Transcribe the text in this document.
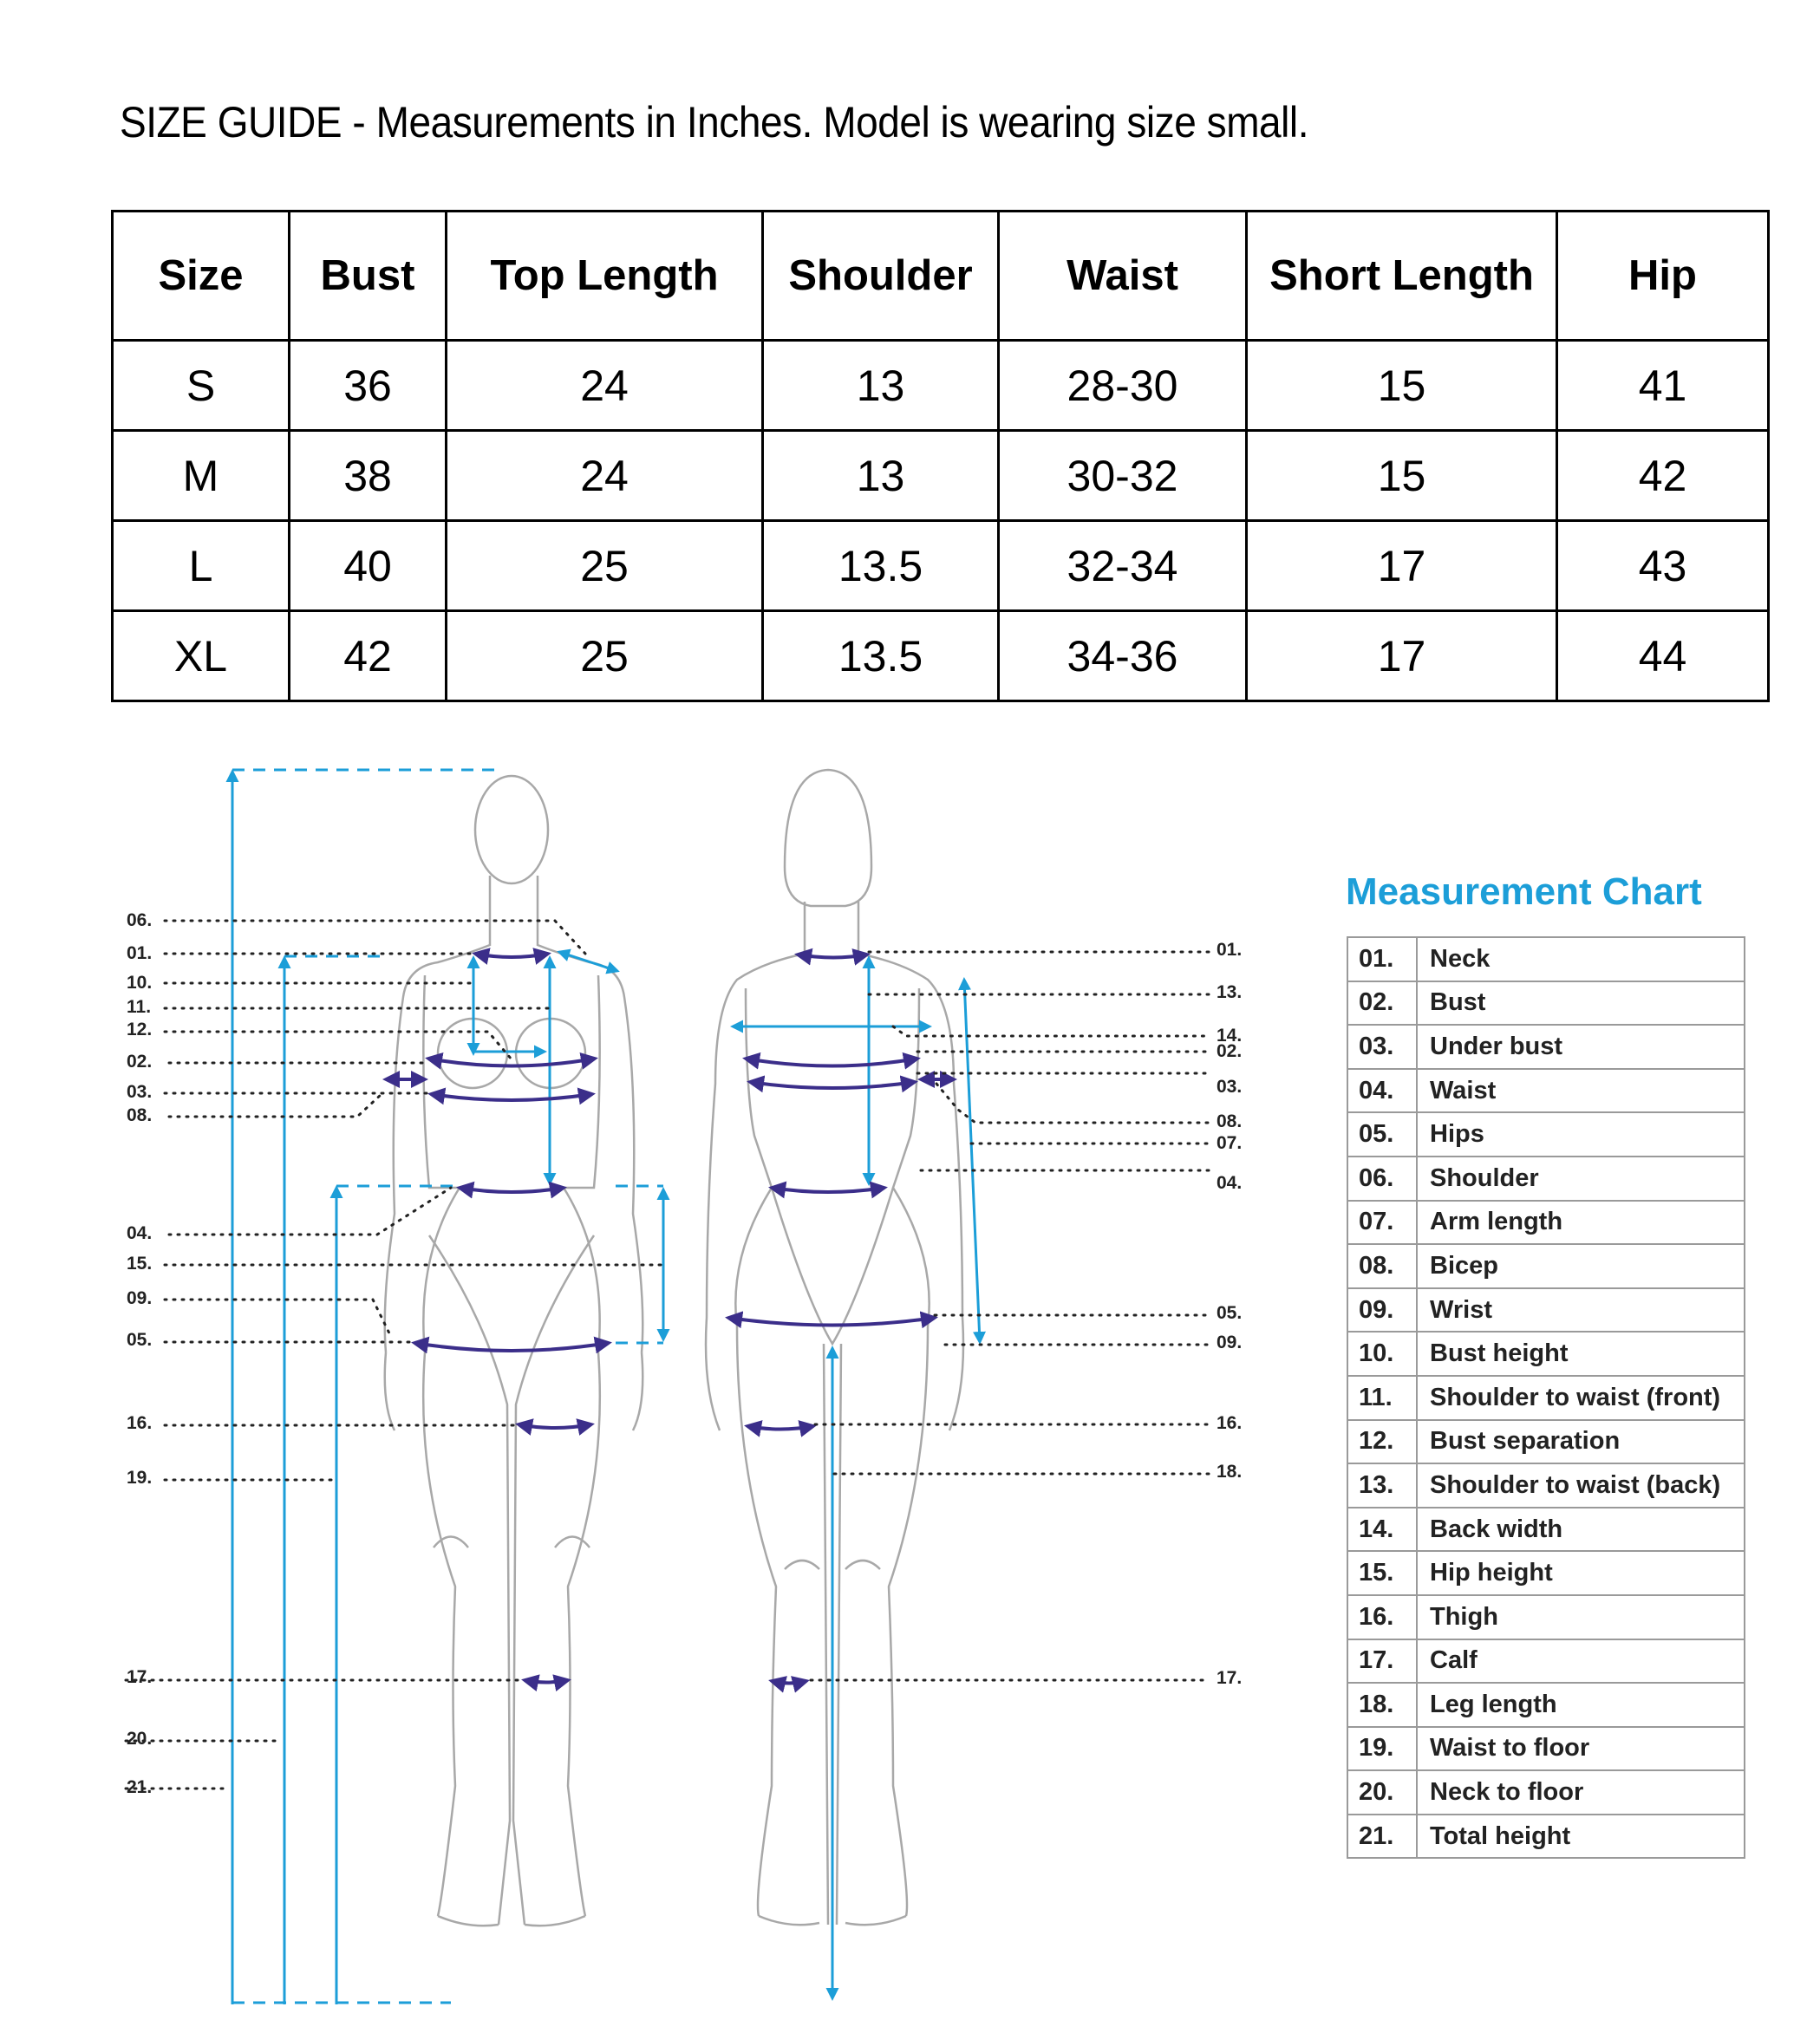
SIZE GUIDE - Measurements in Inches. Model is wearing size small.
Size	Bust	Top Length	Shoulder	Waist	Short Length	Hip
S	36	24	13	28-30	15	41
M	38	24	13	30-32	15	42
L	40	25	13.5	32-34	17	43
XL	42	25	13.5	34-36	17	44
06.
01.
10.
11.
12.
02.
03.
08.
04.
15.
09.
05.
16.
19.
17.
20.
21.
01.
13.
14.
02.
03.
08.
07.
04.
05.
09.
16.
18.
17.
Measurement Chart
01.	Neck
02.	Bust
03.	Under bust
04.	Waist
05.	Hips
06.	Shoulder
07.	Arm length
08.	Bicep
09.	Wrist
10.	Bust height
11.	Shoulder to waist (front)
12.	Bust separation
13.	Shoulder to waist (back)
14.	Back width
15.	Hip height
16.	Thigh
17.	Calf
18.	Leg length
19.	Waist to floor
20.	Neck to floor
21.	Total height
